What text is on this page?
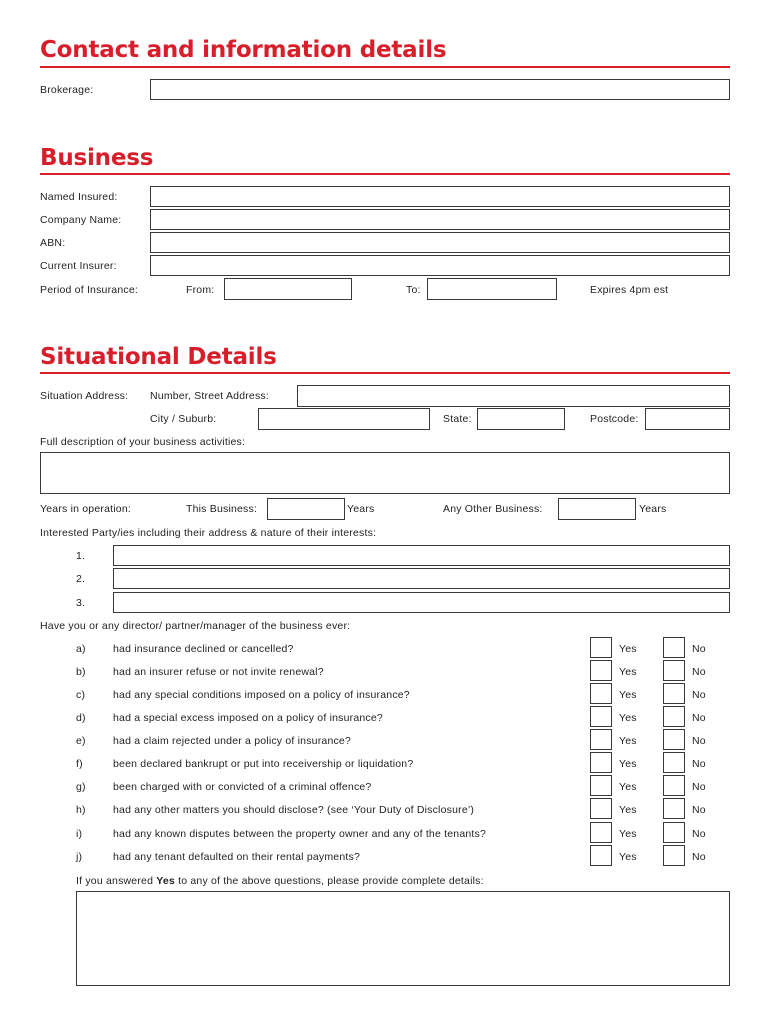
Contact and information details
Brokerage:
Business
Named Insured:
Company Name:
ABN:
Current Insurer:
Period of Insurance:	From:	To:	Expires 4pm est
Situational Details
Situation Address: Number, Street Address:
City / Suburb:	State:	Postcode:
Full description of your business activities:
Years in operation:	This Business:	Years	Any Other Business:	Years
Interested Party/ies including their address & nature of their interests:
1.
2.
3.
Have you or any director/ partner/manager of the business ever:
a)	had insurance declined or cancelled?	Yes	No
b)	had an insurer refuse or not invite renewal?	Yes	No
c)	had any special conditions imposed on a policy of insurance?	Yes	No
d)	had a special excess imposed on a policy of insurance?	Yes	No
e)	had a claim rejected under a policy of insurance?	Yes	No
f)	been declared bankrupt or put into receivership or liquidation?	Yes	No
g)	been charged with or convicted of a criminal offence?	Yes	No
h)	had any other matters you should disclose? (see ‘Your Duty of Disclosure’)	Yes	No
i)	had any known disputes between the property owner and any of the tenants?	Yes	No
j)	had any tenant defaulted on their rental payments?	Yes	No
If you answered Yes to any of the above questions, please provide complete details:
